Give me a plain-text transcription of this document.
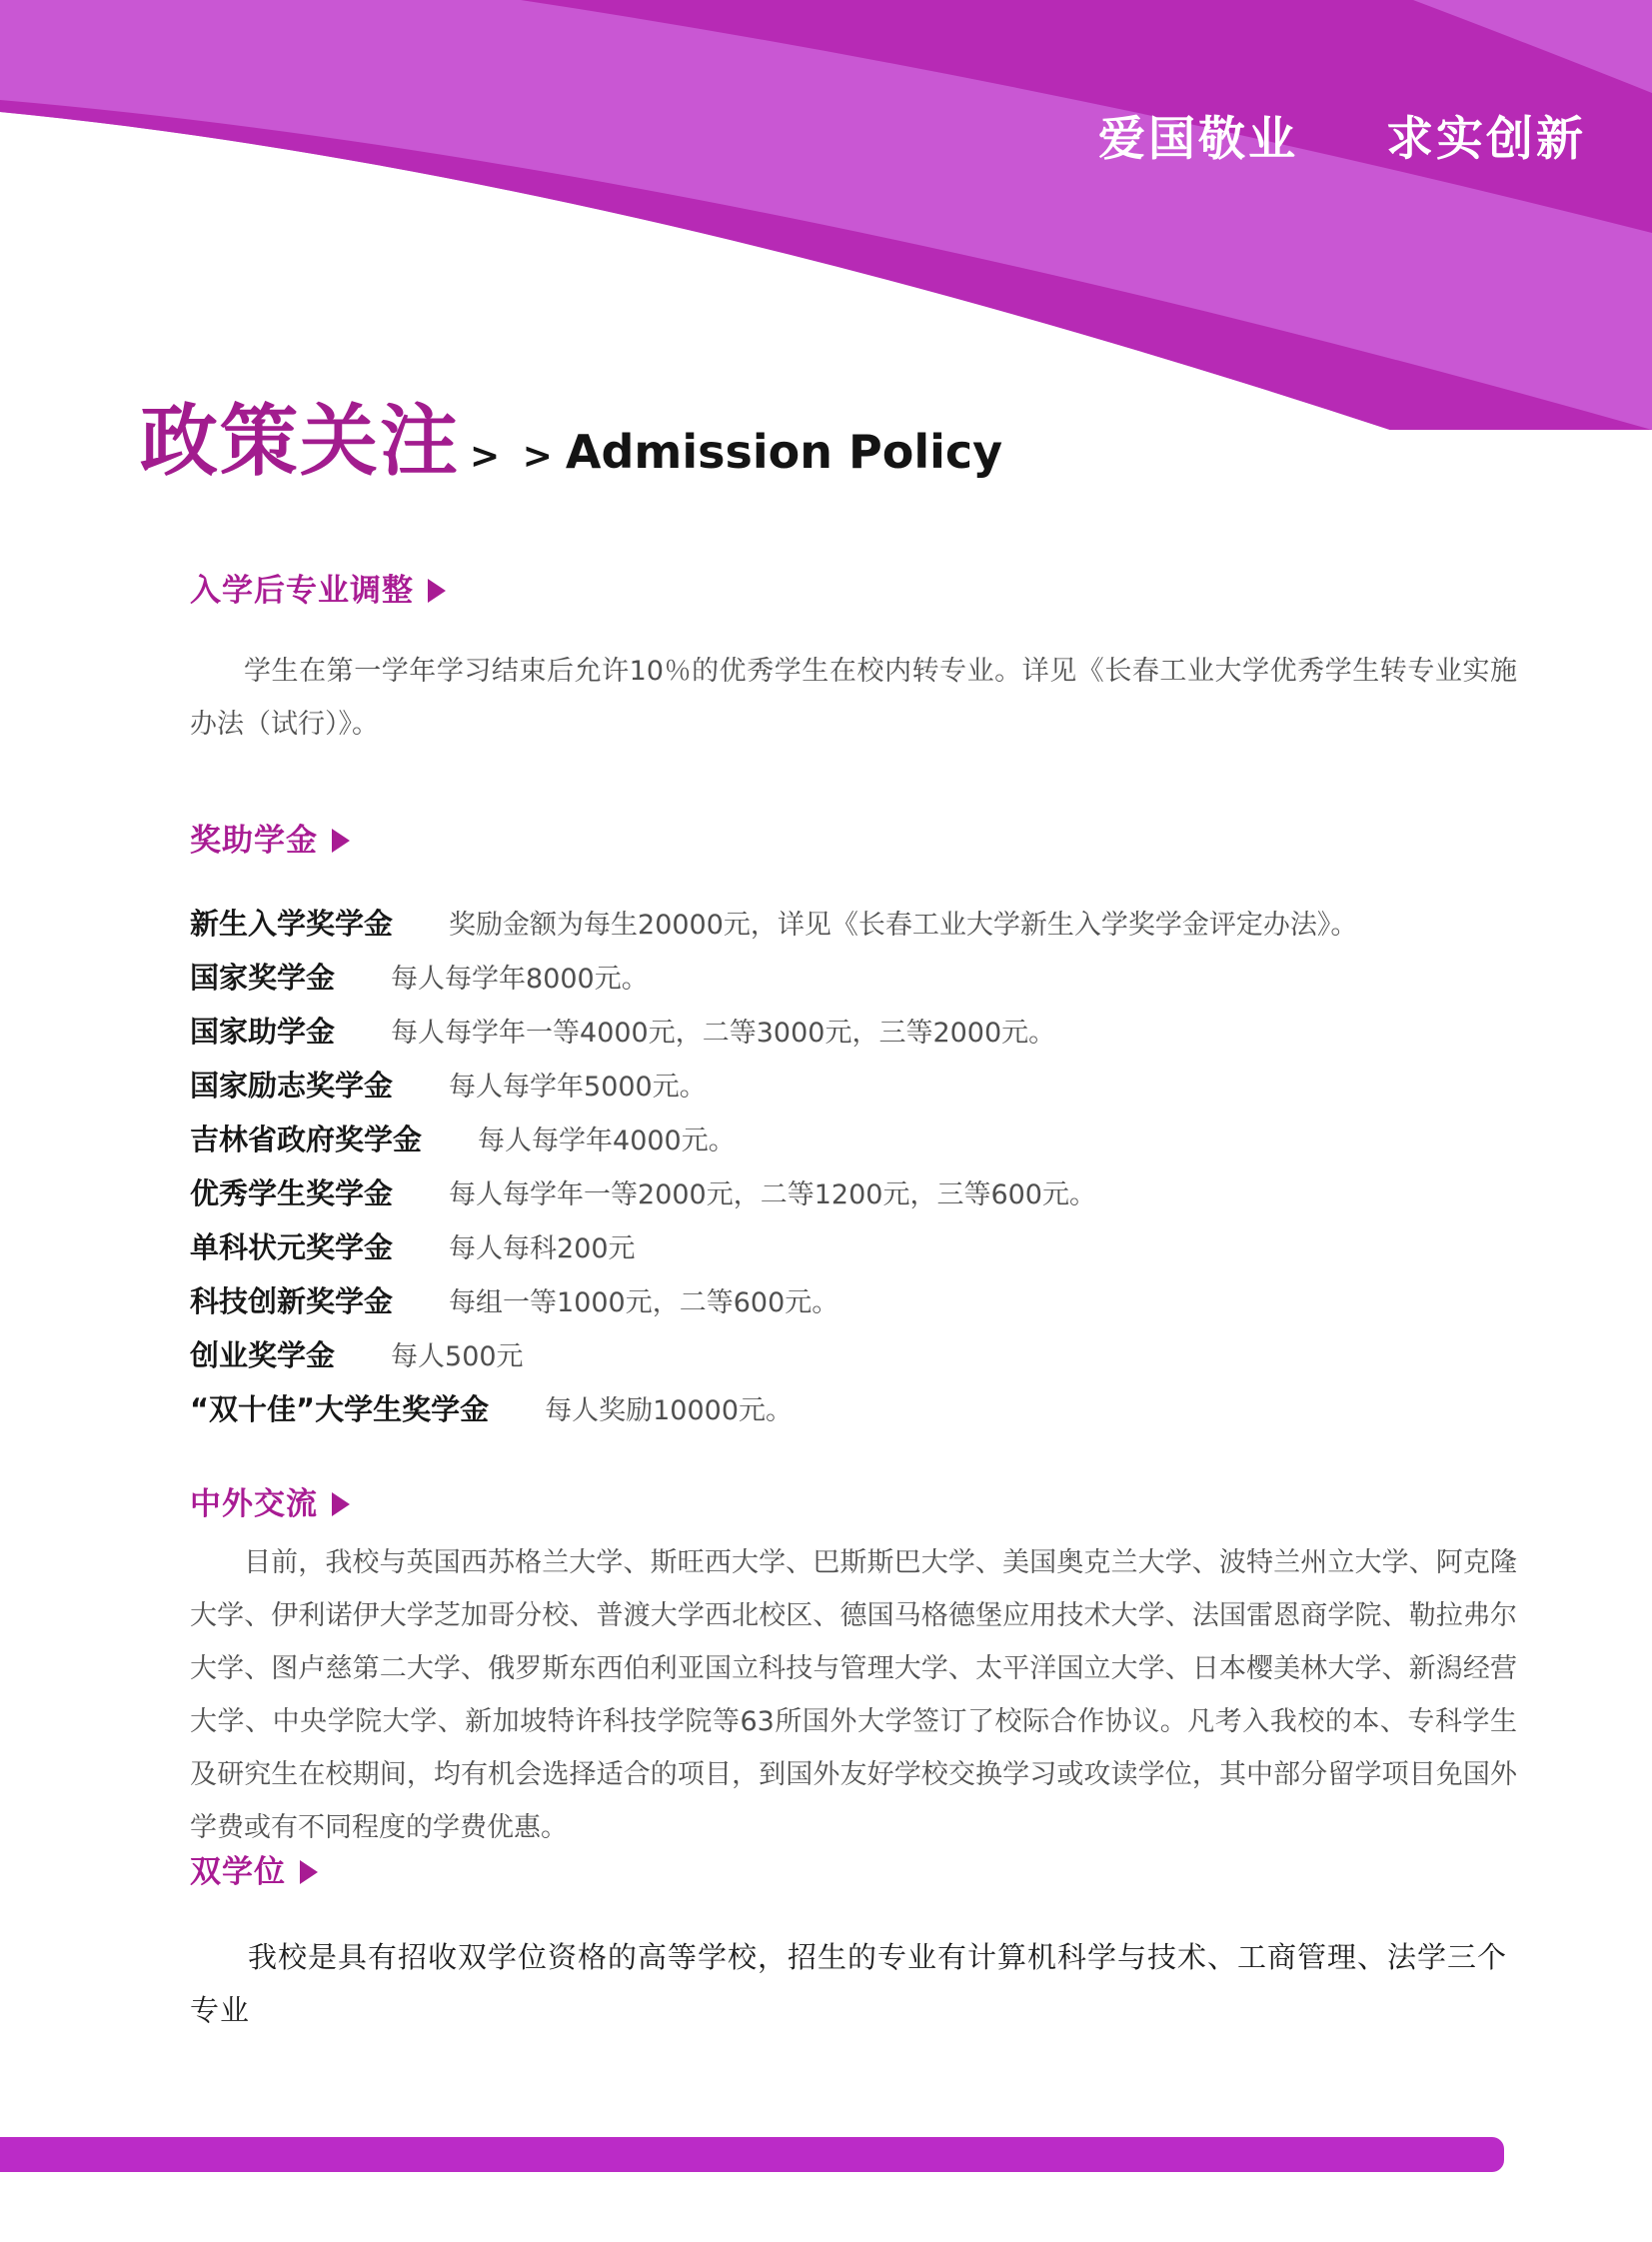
爱国敬业 求实创新
政策关注 > > Admission Policy
入学后专业调整

学生在第一学年学习结束后允许10％的优秀学生在校内转专业。详见《长春工业大学优秀学生转专业实施办法（试行）》。

奖助学金
新生入学奖学金 奖励金额为每生20000元，详见《长春工业大学新生入学奖学金评定办法》。
国家奖学金 每人每学年8000元。
国家助学金 每人每学年一等4000元，二等3000元，三等2000元。
国家励志奖学金 每人每学年5000元。
吉林省政府奖学金 每人每学年4000元。
优秀学生奖学金 每人每学年一等2000元，二等1200元，三等600元。
单科状元奖学金 每人每科200元
科技创新奖学金 每组一等1000元，二等600元。
创业奖学金 每人500元
“双十佳”大学生奖学金 每人奖励10000元。
中外交流

目前，我校与英国西苏格兰大学、斯旺西大学、巴斯斯巴大学、美国奥克兰大学、波特兰州立大学、阿克隆大学、伊利诺伊大学芝加哥分校、普渡大学西北校区、德国马格德堡应用技术大学、法国雷恩商学院、勒拉弗尔大学、图卢慈第二大学、俄罗斯东西伯利亚国立科技与管理大学、太平洋国立大学、日本樱美林大学、新潟经营大学、中央学院大学、新加坡特许科技学院等63所国外大学签订了校际合作协议。凡考入我校的本、专科学生及研究生在校期间，均有机会选择适合的项目，到国外友好学校交换学习或攻读学位，其中部分留学项目免国外学费或有不同程度的学费优惠。

双学位

我校是具有招收双学位资格的高等学校，招生的专业有计算机科学与技术、工商管理、法学三个专业
